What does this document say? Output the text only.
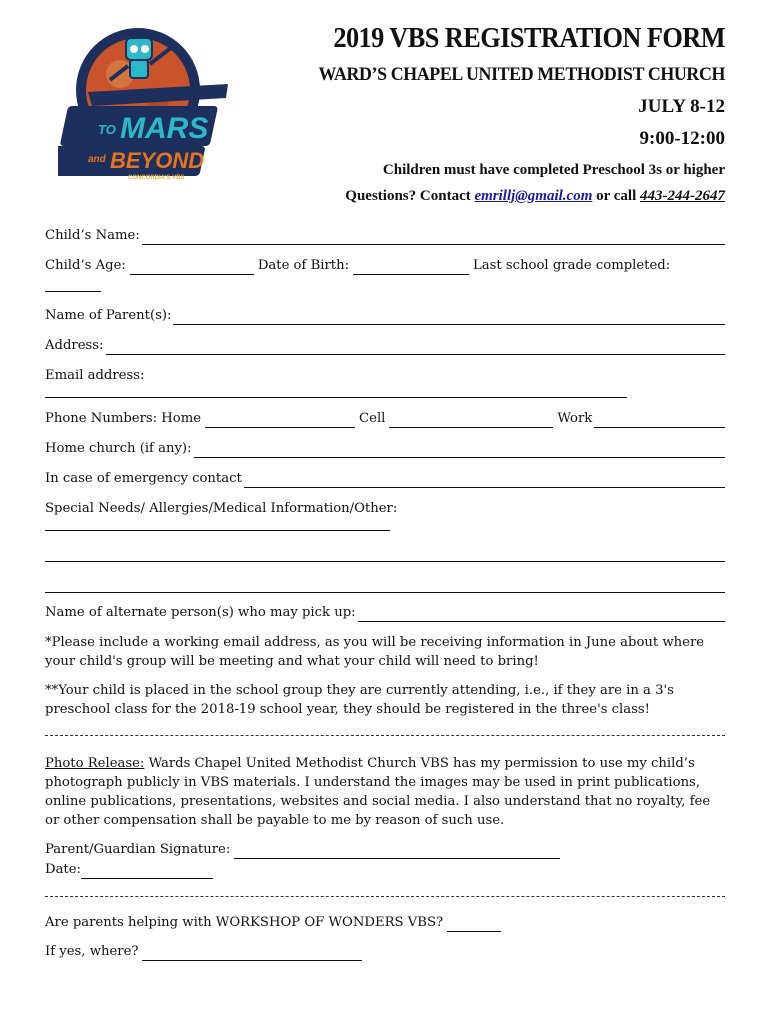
TO MARS
and BEYOND
CONCORDIA'S VBS
2019 VBS REGISTRATION FORM
WARD’S CHAPEL UNITED METHODIST CHURCH
JULY 8-12
9:00-12:00
Children must have completed Preschool 3s or higher
Questions? Contact emrillj@gmail.com or call 443-244-2647
Child’s Name:
Child’s Age:	Date of Birth:	Last school grade completed:
Name of Parent(s):
Address:
Email address:
Phone Numbers: Home	Cell	Work
Home church (if any):
In case of emergency contact
Special Needs/ Allergies/Medical Information/Other:
Name of alternate person(s) who may pick up:

*Please include a working email address, as you will be receiving information in June about where your child's group will be meeting and what your child will need to bring!

**Your child is placed in the school group they are currently attending, i.e., if they are in a 3's preschool class for the 2018-19 school year, they should be registered in the three's class!

Photo Release: Wards Chapel United Methodist Church VBS has my permission to use my child’s photograph publicly in VBS materials. I understand the images may be used in print publications, online publications, presentations, websites and social media. I also understand that no royalty, fee or other compensation shall be payable to me by reason of such use.

Parent/Guardian Signature:
Date:
Are parents helping with WORKSHOP OF WONDERS VBS?
If yes, where?
